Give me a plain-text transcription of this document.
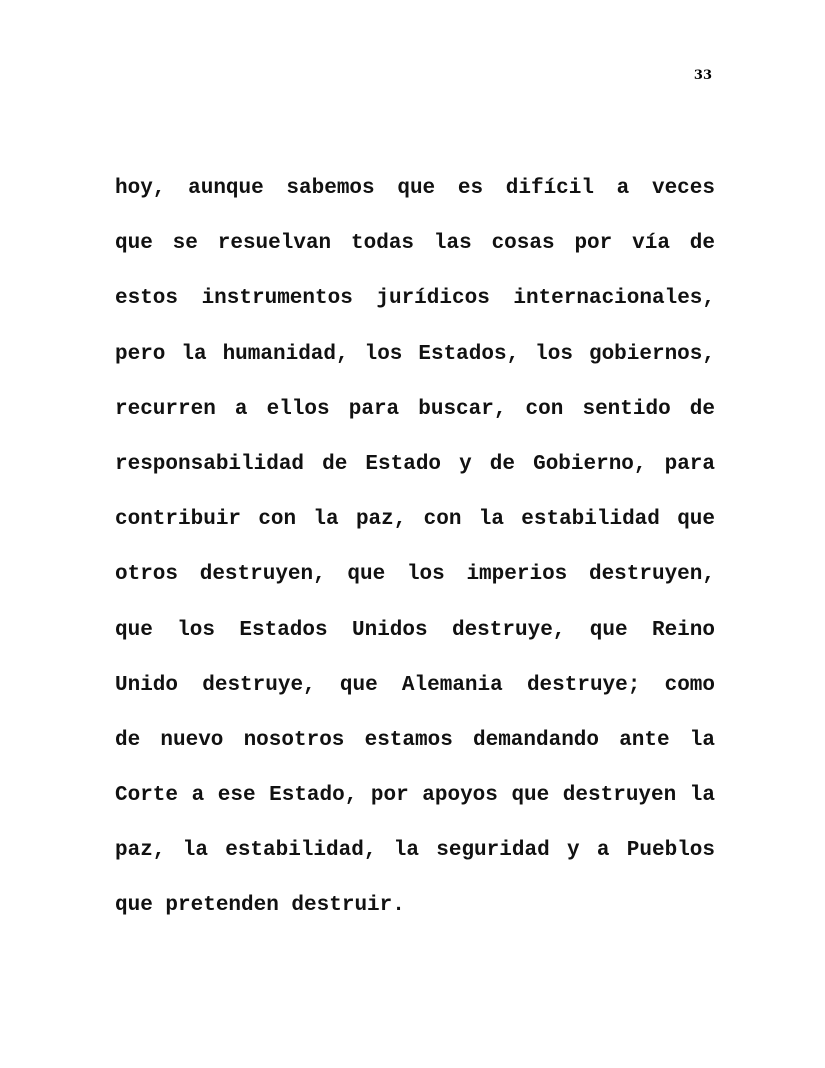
33
hoy, aunque sabemos que es difícil a veces
que se resuelvan todas las cosas por vía de
estos instrumentos jurídicos internacionales,
pero la humanidad, los Estados, los gobiernos,
recurren a ellos para buscar, con sentido de
responsabilidad de Estado y de Gobierno, para
contribuir con la paz, con la estabilidad que
otros destruyen, que los imperios destruyen,
que los Estados Unidos destruye, que Reino
Unido destruye, que Alemania destruye; como
de nuevo nosotros estamos demandando ante la
Corte a ese Estado, por apoyos que destruyen la
paz, la estabilidad, la seguridad y a Pueblos
que pretenden destruir.
